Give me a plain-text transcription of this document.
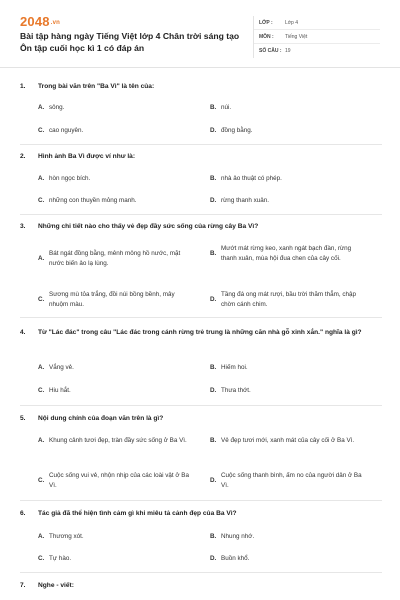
2048.vn
Bài tập hàng ngày Tiếng Việt lớp 4 Chân trời sáng tạo Ôn tập cuối học kì 1 có đáp án
LỚP :	Lớp 4
MÔN :	Tiếng Việt
SỐ CÂU : 19
1.	Trong bài văn trên "Ba Vì" là tên của:
A. sông.	B. núi.
C. cao nguyên.	D. đồng bằng.
2.	Hình ảnh Ba Vì được ví như là:
A. hòn ngọc bích.	B. nhà ảo thuật có phép.
C. những con thuyền mỏng manh.	D. rừng thanh xuân.
3.	Những chi tiết nào cho thấy vẻ đẹp đầy sức sống của rừng cây Ba Vì?
A.
Bát ngát đồng bằng, mênh mông hồ nước, mặt nước biến ảo lạ lùng.
B.
Mướt mát rừng keo, xanh ngát bạch đàn, rừng thanh xuân, mùa hội đua chen của cây cối.
C.
Sương mù tỏa trắng, đồi núi bồng bềnh, mây nhuộm màu.
D.
Tầng đá ong mát rượi, bầu trời thăm thẳm, chập chờn cánh chim.
4.	Từ "Lác đác" trong câu "Lác đác trong cánh rừng trẻ trung là những căn nhà gỗ xinh xắn." nghĩa là gì?
A. Vắng vẻ.	B. Hiếm hoi.
C. Hiu hắt.	D. Thưa thớt.
5.	Nội dung chính của đoạn văn trên là gì?
A. Khung cảnh tươi đẹp, tràn đầy sức sống ở Ba Vì.	B. Vẻ đẹp tươi mới, xanh mát của cây cối ở Ba Vì.
C.
Cuộc sống vui vẻ, nhộn nhịp của các loài vật ở Ba Vì.
D.
Cuộc sống thanh bình, ấm no của người dân ở Ba Vì.
6.	Tác giả đã thể hiện tình cảm gì khi miêu tả cảnh đẹp của Ba Vì?
A. Thương xót.	B. Nhung nhớ.
C. Tự hào.	D. Buồn khổ.
7.	Nghe - viết:
